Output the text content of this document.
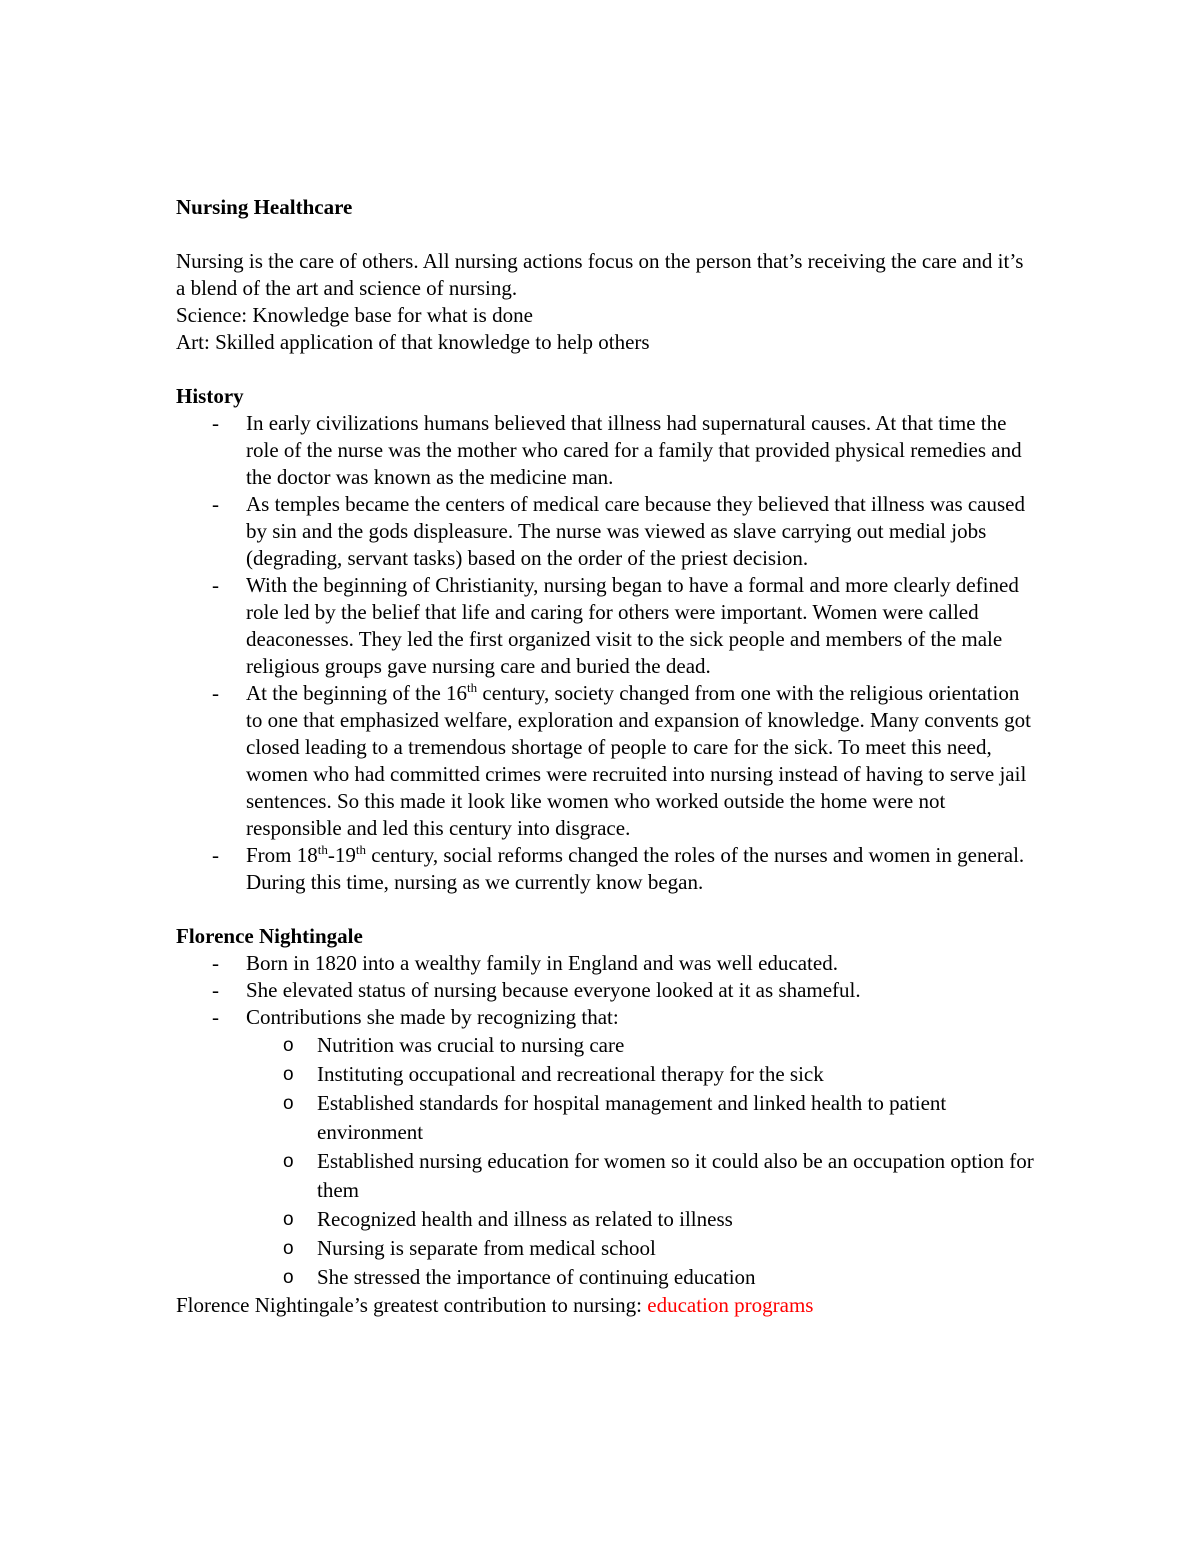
Nursing Healthcare

Nursing is the care of others. All nursing actions focus on the person that’s receiving the care and it’s a blend of the art and science of nursing.

Science: Knowledge base for what is done

Art: Skilled application of that knowledge to help others

History

- In early civilizations humans believed that illness had supernatural causes. At that time the role of the nurse was the mother who cared for a family that provided physical remedies and the doctor was known as the medicine man.
- As temples became the centers of medical care because they believed that illness was caused by sin and the gods displeasure. The nurse was viewed as slave carrying out medial jobs (degrading, servant tasks) based on the order of the priest decision.
- With the beginning of Christianity, nursing began to have a formal and more clearly defined role led by the belief that life and caring for others were important. Women were called deaconesses. They led the first organized visit to the sick people and members of the male religious groups gave nursing care and buried the dead.
- At the beginning of the 16th century, society changed from one with the religious orientation to one that emphasized welfare, exploration and expansion of knowledge. Many convents got closed leading to a tremendous shortage of people to care for the sick. To meet this need, women who had committed crimes were recruited into nursing instead of having to serve jail sentences. So this made it look like women who worked outside the home were not responsible and led this century into disgrace.
- From 18th-19th century, social reforms changed the roles of the nurses and women in general. During this time, nursing as we currently know began.

Florence Nightingale

- Born in 1820 into a wealthy family in England and was well educated.
- She elevated status of nursing because everyone looked at it as shameful.
- Contributions she made by recognizing that:
o Nutrition was crucial to nursing care
o Instituting occupational and recreational therapy for the sick
o Established standards for hospital management and linked health to patient environment
o Established nursing education for women so it could also be an occupation option for them
o Recognized health and illness as related to illness
o Nursing is separate from medical school
o She stressed the importance of continuing education

Florence Nightingale’s greatest contribution to nursing: education programs
